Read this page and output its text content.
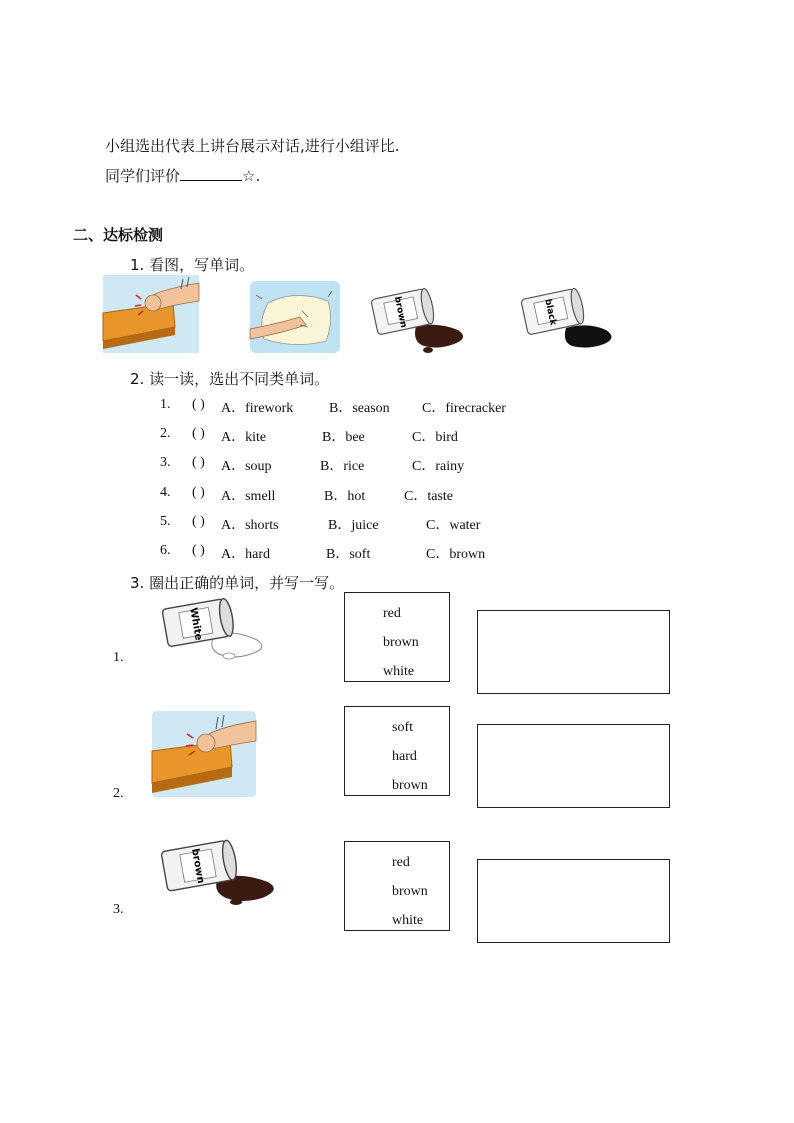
小组选出代表上讲台展示对话,进行小组评比.
同学们评价	☆.
二、达标检测
1. 看图，写单词。
brown	black
2. 读一读，选出不同类单词。
1. ( ) A．firework	B．season C．firecracker
2. ( ) A．kite	B．bee	C．bird
3. ( ) A．soup	B．rice	C．rainy
4. ( ) A．smell	B．hot	C．taste
5. ( ) A．shorts	B．juice	C．water
6. ( ) A．hard	B．soft	C．brown
3. 圈出正确的单词，并写一写。
1.
White	red
brown
white
2.
soft
hard
brown
3.
brown	red
brown
white
